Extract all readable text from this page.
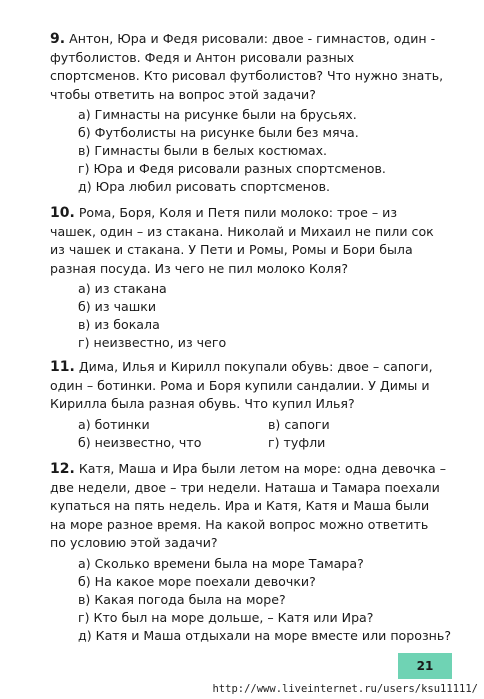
9. Антон, Юра и Федя рисовали: двое - гимнастов, один - футболистов. Федя и Антон рисовали разных спортсменов. Кто рисовал футболистов? Что нужно знать, чтобы ответить на вопрос этой задачи?

а) Гимнасты на рисунке были на брусьях.
б) Футболисты на рисунке были без мяча.
в) Гимнасты были в белых костюмах.
г) Юра и Федя рисовали разных спортсменов.
д) Юра любил рисовать спортсменов.

10. Рома, Боря, Коля и Петя пили молоко: трое – из чашек, один – из стакана. Николай и Михаил не пили сок из чашек и стакана. У Пети и Ромы, Ромы и Бори была разная посуда. Из чего не пил молоко Коля?

а) из стакана
б) из чашки
в) из бокала
г) неизвестно, из чего

11. Дима, Илья и Кирилл покупали обувь: двое – сапоги, один – ботинки. Рома и Боря купили сандалии. У Димы и Кирилла была разная обувь. Что купил Илья?

а) ботинки	в) сапоги
б) неизвестно, что	г) туфли

12. Катя, Маша и Ира были летом на море: одна девочка – две недели, двое – три недели. Наташа и Тамара поехали купаться на пять недель. Ира и Катя, Катя и Маша были на море разное время. На какой вопрос можно ответить по условию этой задачи?

а) Сколько времени была на море Тамара?
б) На какое море поехали девочки?
в) Какая погода была на море?
г) Кто был на море дольше, – Катя или Ира?
д) Катя и Маша отдыхали на море вместе или порознь?
21
http://www.liveinternet.ru/users/ksu11111/
